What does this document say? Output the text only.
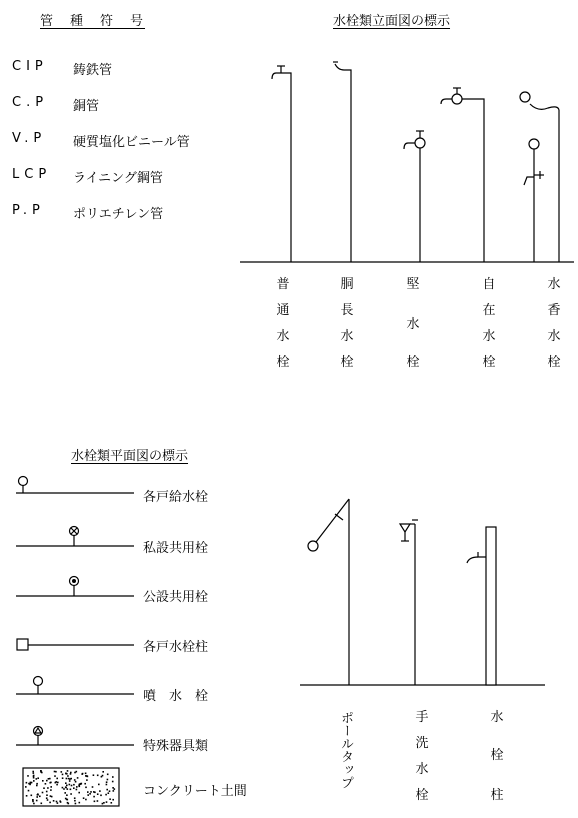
管　種　符　号
CIP	鋳鉄管
C.P	銅管
V.P	硬質塩化ビニール管
LCP	ライニング鋼管
P.P	ポリエチレン管
水栓類立面図の標示
普
通
水
栓
胴
長
水
栓
堅
水
栓
自
在
水
栓
水
香
水
栓
水栓類平面図の標示
各戸給水栓
私設共用栓
公設共用栓
各戸水栓柱
噴　水　栓
特殊器具類
コンクリート土間
ポールタップ	手
洗
水
栓
水
栓
柱
